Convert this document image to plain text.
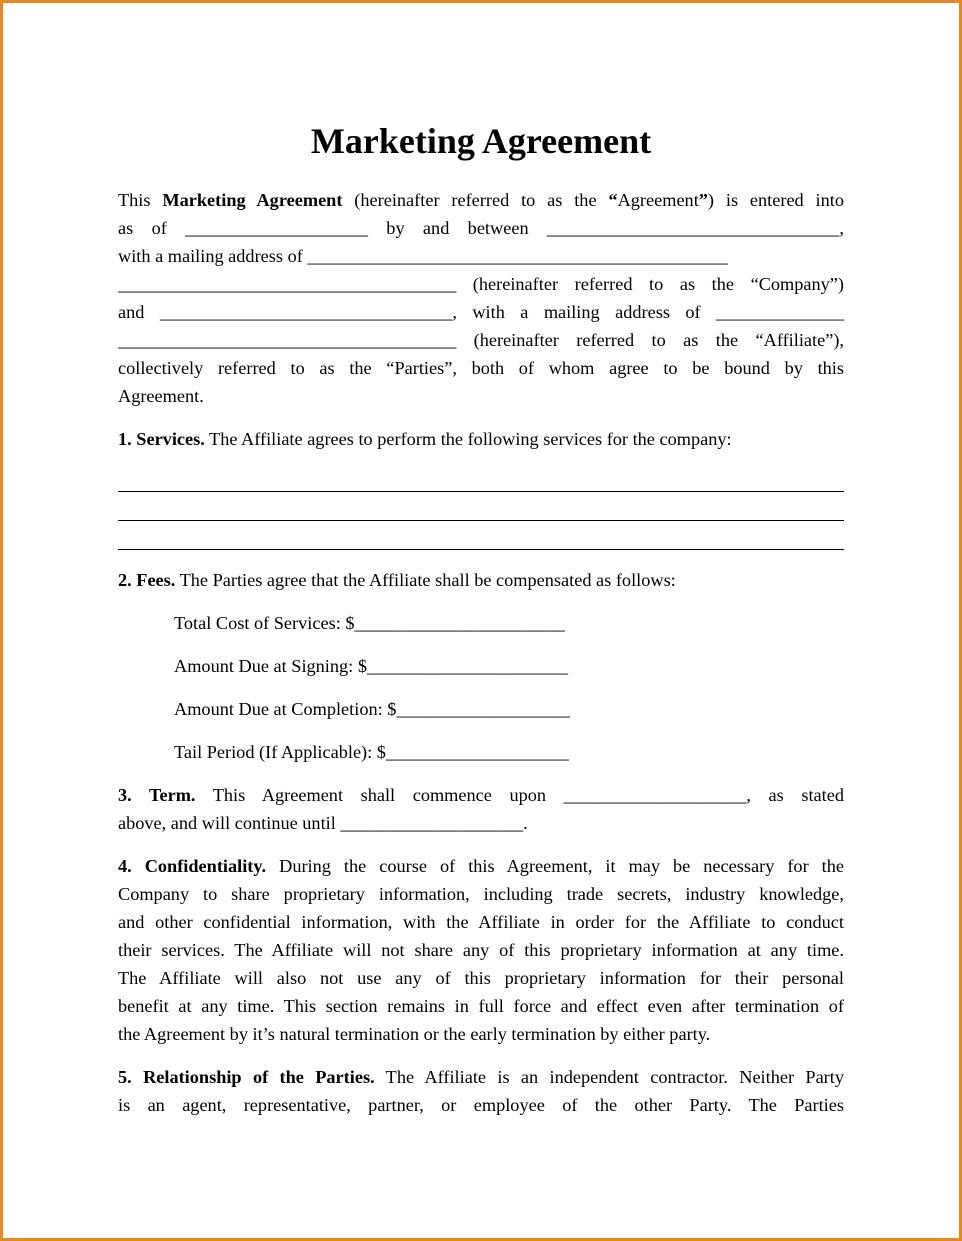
Marketing Agreement
This Marketing Agreement (hereinafter referred to as the “Agreement”) is entered into
as of ____________________ by and between ________________________________,
with a mailing address of ______________________________________________
_____________________________________ (hereinafter referred to as the “Company”)
and ________________________________, with a mailing address of ______________
_____________________________________ (hereinafter referred to as the “Affiliate”),
collectively referred to as the “Parties”, both of whom agree to be bound by this
Agreement.
1. Services. The Affiliate agrees to perform the following services for the company:
2. Fees. The Parties agree that the Affiliate shall be compensated as follows:
Total Cost of Services: $_______________________
Amount Due at Signing: $______________________
Amount Due at Completion: $___________________
Tail Period (If Applicable): $____________________
3. Term. This Agreement shall commence upon ____________________, as stated
above, and will continue until ____________________.
4. Confidentiality. During the course of this Agreement, it may be necessary for the
Company to share proprietary information, including trade secrets, industry knowledge,
and other confidential information, with the Affiliate in order for the Affiliate to conduct
their services. The Affiliate will not share any of this proprietary information at any time.
The Affiliate will also not use any of this proprietary information for their personal
benefit at any time. This section remains in full force and effect even after termination of
the Agreement by it’s natural termination or the early termination by either party.
5. Relationship of the Parties. The Affiliate is an independent contractor. Neither Party
is an agent, representative, partner, or employee of the other Party. The Parties
